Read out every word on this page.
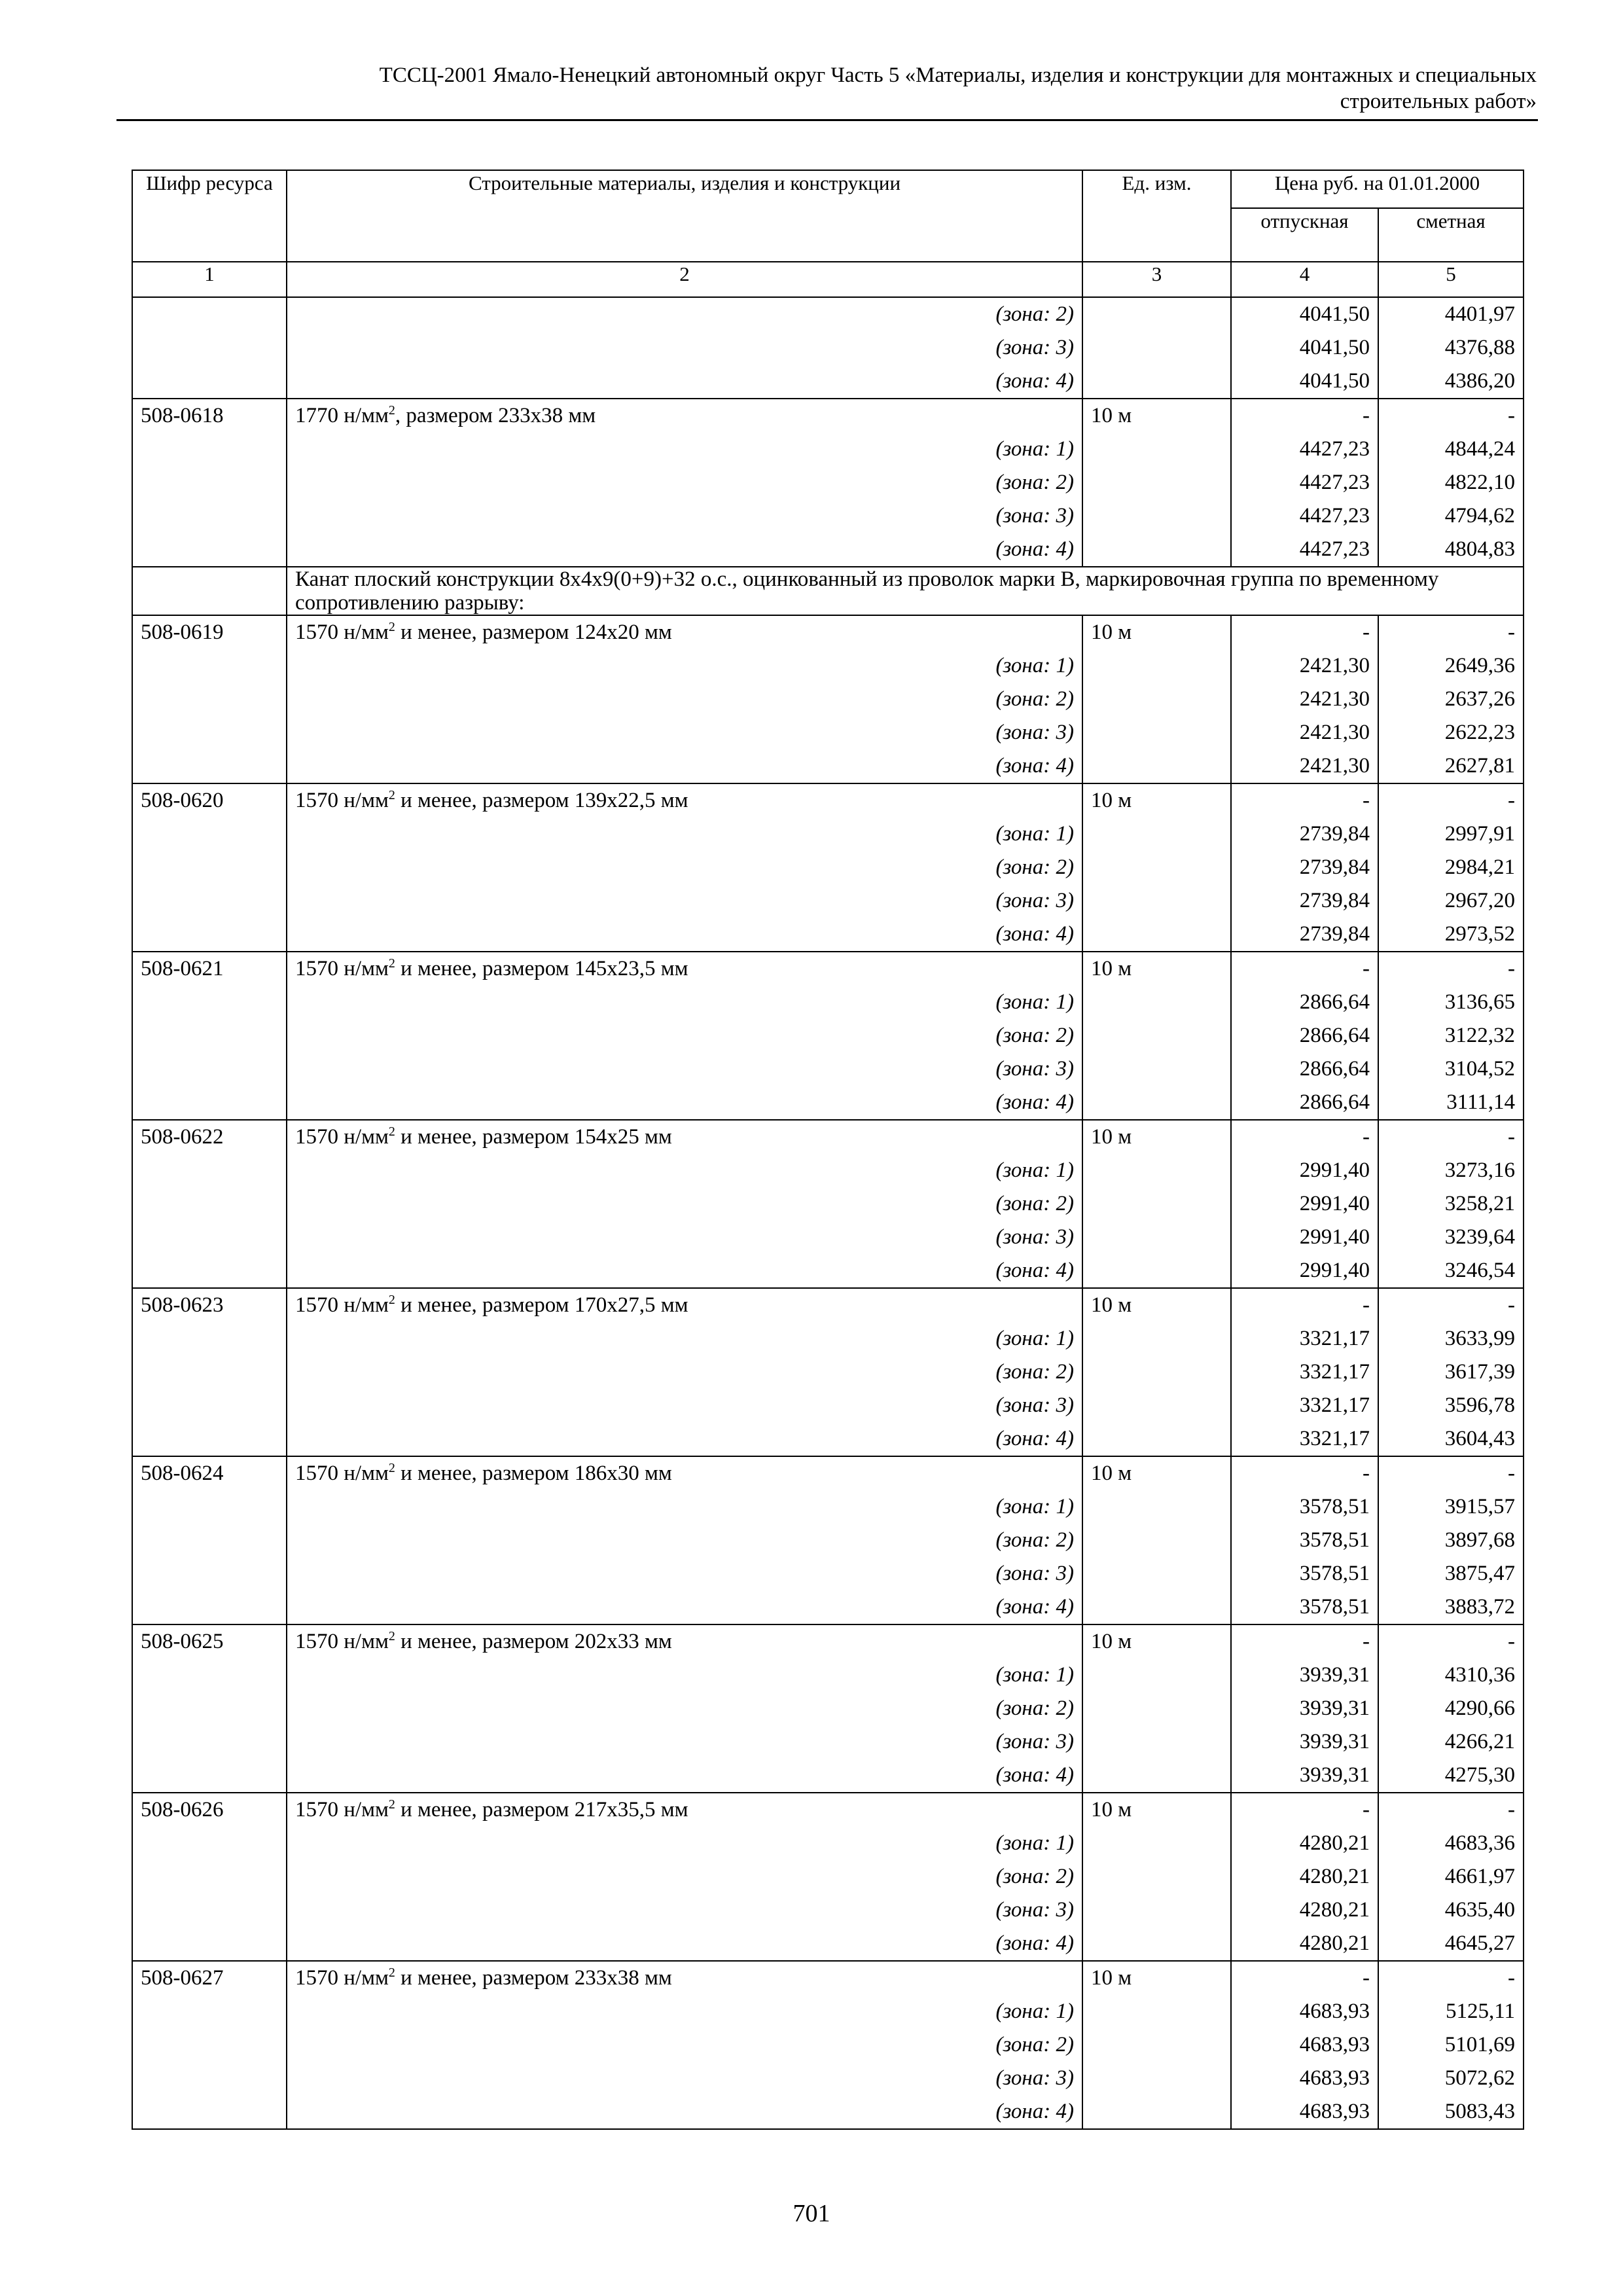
ТССЦ-2001 Ямало-Ненецкий автономный округ Часть 5 «Материалы, изделия и конструкции для монтажных и специальных
строительных работ»
Шифр ресурса	Строительные материалы, изделия и конструкции	Ед. изм.	Цена руб. на 01.01.2000	
			отпускная	сметная
1	2	3	4	5
	(зона: 2)		4041,50	4401,97
	(зона: 3)		4041,50	4376,88
	(зона: 4)		4041,50	4386,20
508-0618	1770 $н/мм^2$, размером 233х38 мм	10 м	-	-
	(зона: 1)		4427,23	4844,24
	(зона: 2)		4427,23	4822,10
	(зона: 3)		4427,23	4794,62
	(зона: 4)		4427,23	4804,83
	Канат плоский конструкции 8х4х9(0+9)+32 о.с., оцинкованный из проволок марки В, маркировочная группа по временному сопротивлению разрыву:			
508-0619	1570 $н/мм^2$ и менее, размером 124х20 мм	10 м	-	-
	(зона: 1)		2421,30	2649,36
	(зона: 2)		2421,30	2637,26
	(зона: 3)		2421,30	2622,23
	(зона: 4)		2421,30	2627,81
508-0620	1570 $н/мм^2$ и менее, размером 139х22,5 мм	10 м	-	-
	(зона: 1)		2739,84	2997,91
	(зона: 2)		2739,84	2984,21
	(зона: 3)		2739,84	2967,20
	(зона: 4)		2739,84	2973,52
508-0621	1570 $н/мм^2$ и менее, размером 145х23,5 мм	10 м	-	-
	(зона: 1)		2866,64	3136,65
	(зона: 2)		2866,64	3122,32
	(зона: 3)		2866,64	3104,52
	(зона: 4)		2866,64	3111,14
508-0622	1570 $н/мм^2$ и менее, размером 154х25 мм	10 м	-	-
	(зона: 1)		2991,40	3273,16
	(зона: 2)		2991,40	3258,21
	(зона: 3)		2991,40	3239,64
	(зона: 4)		2991,40	3246,54
508-0623	1570 $н/мм^2$ и менее, размером 170х27,5 мм	10 м	-	-
	(зона: 1)		3321,17	3633,99
	(зона: 2)		3321,17	3617,39
	(зона: 3)		3321,17	3596,78
	(зона: 4)		3321,17	3604,43
508-0624	1570 $н/мм^2$ и менее, размером 186х30 мм	10 м	-	-
	(зона: 1)		3578,51	3915,57
	(зона: 2)		3578,51	3897,68
	(зона: 3)		3578,51	3875,47
	(зона: 4)		3578,51	3883,72
508-0625	1570 $н/мм^2$ и менее, размером 202х33 мм	10 м	-	-
	(зона: 1)		3939,31	4310,36
	(зона: 2)		3939,31	4290,66
	(зона: 3)		3939,31	4266,21
	(зона: 4)		3939,31	4275,30
508-0626	1570 $н/мм^2$ и менее, размером 217х35,5 мм	10 м	-	-
	(зона: 1)		4280,21	4683,36
	(зона: 2)		4280,21	4661,97
	(зона: 3)		4280,21	4635,40
	(зона: 4)		4280,21	4645,27
508-0627	1570 $н/мм^2$ и менее, размером 233х38 мм	10 м	-	-
	(зона: 1)		4683,93	5125,11
	(зона: 2)		4683,93	5101,69
	(зона: 3)		4683,93	5072,62
	(зона: 4)		4683,93	5083,43
701
